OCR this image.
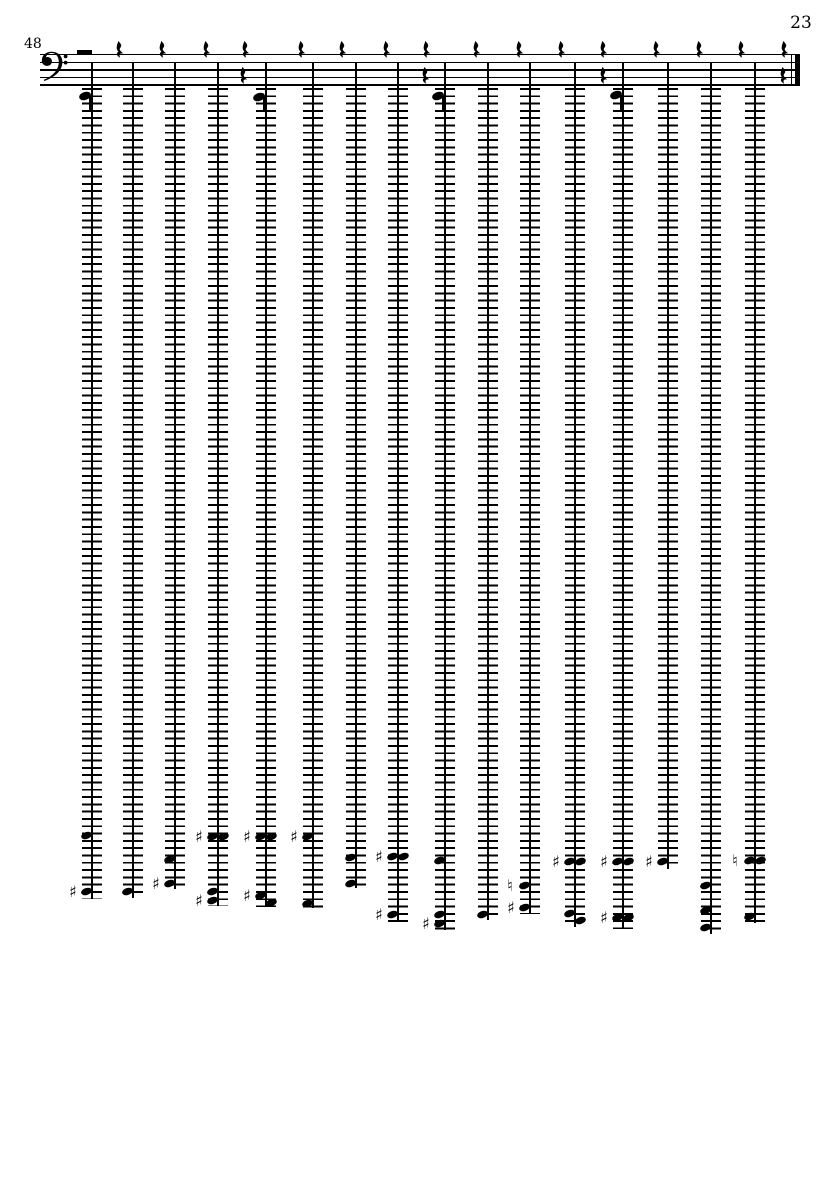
48
23
♯	♯
♯
♯
♯
♯
♯
♯
♯ ♯
♮
♯
♯	♯
♯
♯	♮
